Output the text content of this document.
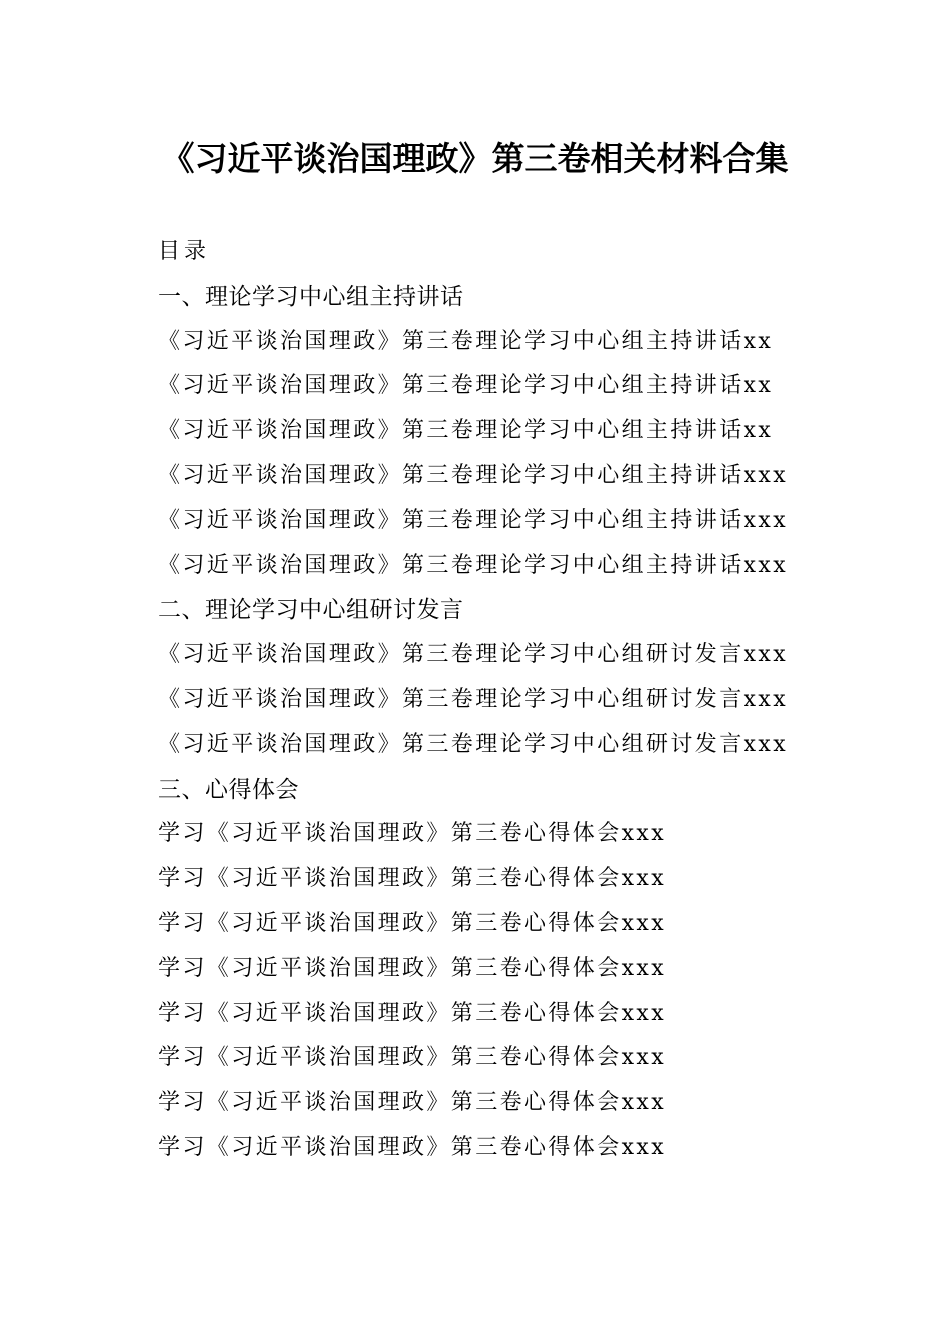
《习近平谈治国理政》第三卷相关材料合集
目录
一、理论学习中心组主持讲话
《习近平谈治国理政》第三卷理论学习中心组主持讲话xx
《习近平谈治国理政》第三卷理论学习中心组主持讲话xx
《习近平谈治国理政》第三卷理论学习中心组主持讲话xx
《习近平谈治国理政》第三卷理论学习中心组主持讲话xxx
《习近平谈治国理政》第三卷理论学习中心组主持讲话xxx
《习近平谈治国理政》第三卷理论学习中心组主持讲话xxx
二、理论学习中心组研讨发言
《习近平谈治国理政》第三卷理论学习中心组研讨发言xxx
《习近平谈治国理政》第三卷理论学习中心组研讨发言xxx
《习近平谈治国理政》第三卷理论学习中心组研讨发言xxx
三、心得体会
学习《习近平谈治国理政》第三卷心得体会xxx
学习《习近平谈治国理政》第三卷心得体会xxx
学习《习近平谈治国理政》第三卷心得体会xxx
学习《习近平谈治国理政》第三卷心得体会xxx
学习《习近平谈治国理政》第三卷心得体会xxx
学习《习近平谈治国理政》第三卷心得体会xxx
学习《习近平谈治国理政》第三卷心得体会xxx
学习《习近平谈治国理政》第三卷心得体会xxx
